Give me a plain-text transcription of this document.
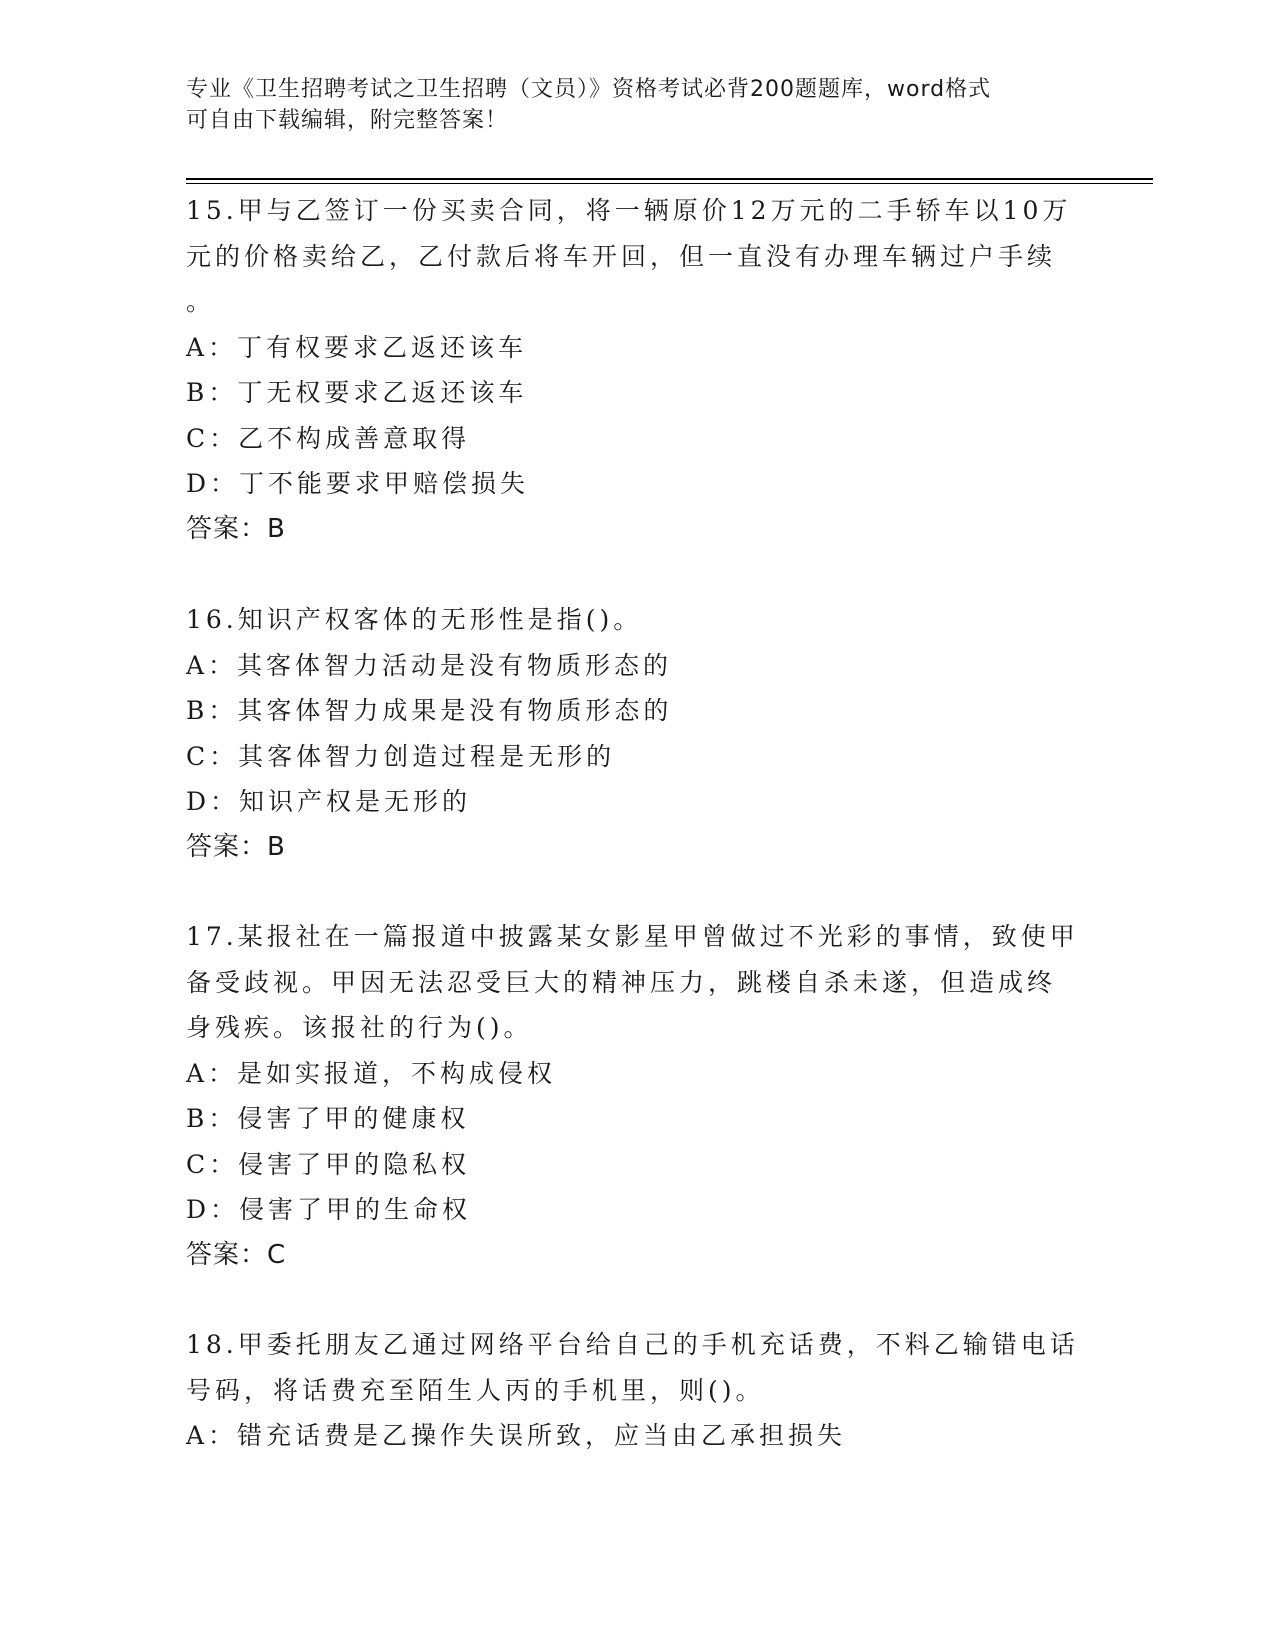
专业《卫生招聘考试之卫生招聘（文员）》资格考试必背200题题库，word格式
可自由下载编辑，附完整答案！
15.甲与乙签订一份买卖合同，将一辆原价12万元的二手轿车以10万
元的价格卖给乙，乙付款后将车开回，但一直没有办理车辆过户手续
。
A：丁有权要求乙返还该车
B：丁无权要求乙返还该车
C：乙不构成善意取得
D：丁不能要求甲赔偿损失
答案：B
16.知识产权客体的无形性是指()。
A：其客体智力活动是没有物质形态的
B：其客体智力成果是没有物质形态的
C：其客体智力创造过程是无形的
D：知识产权是无形的
答案：B
17.某报社在一篇报道中披露某女影星甲曾做过不光彩的事情，致使甲
备受歧视。甲因无法忍受巨大的精神压力，跳楼自杀未遂，但造成终
身残疾。该报社的行为()。
A：是如实报道，不构成侵权
B：侵害了甲的健康权
C：侵害了甲的隐私权
D：侵害了甲的生命权
答案：C
18.甲委托朋友乙通过网络平台给自己的手机充话费，不料乙输错电话
号码，将话费充至陌生人丙的手机里，则()。
A：错充话费是乙操作失误所致，应当由乙承担损失
